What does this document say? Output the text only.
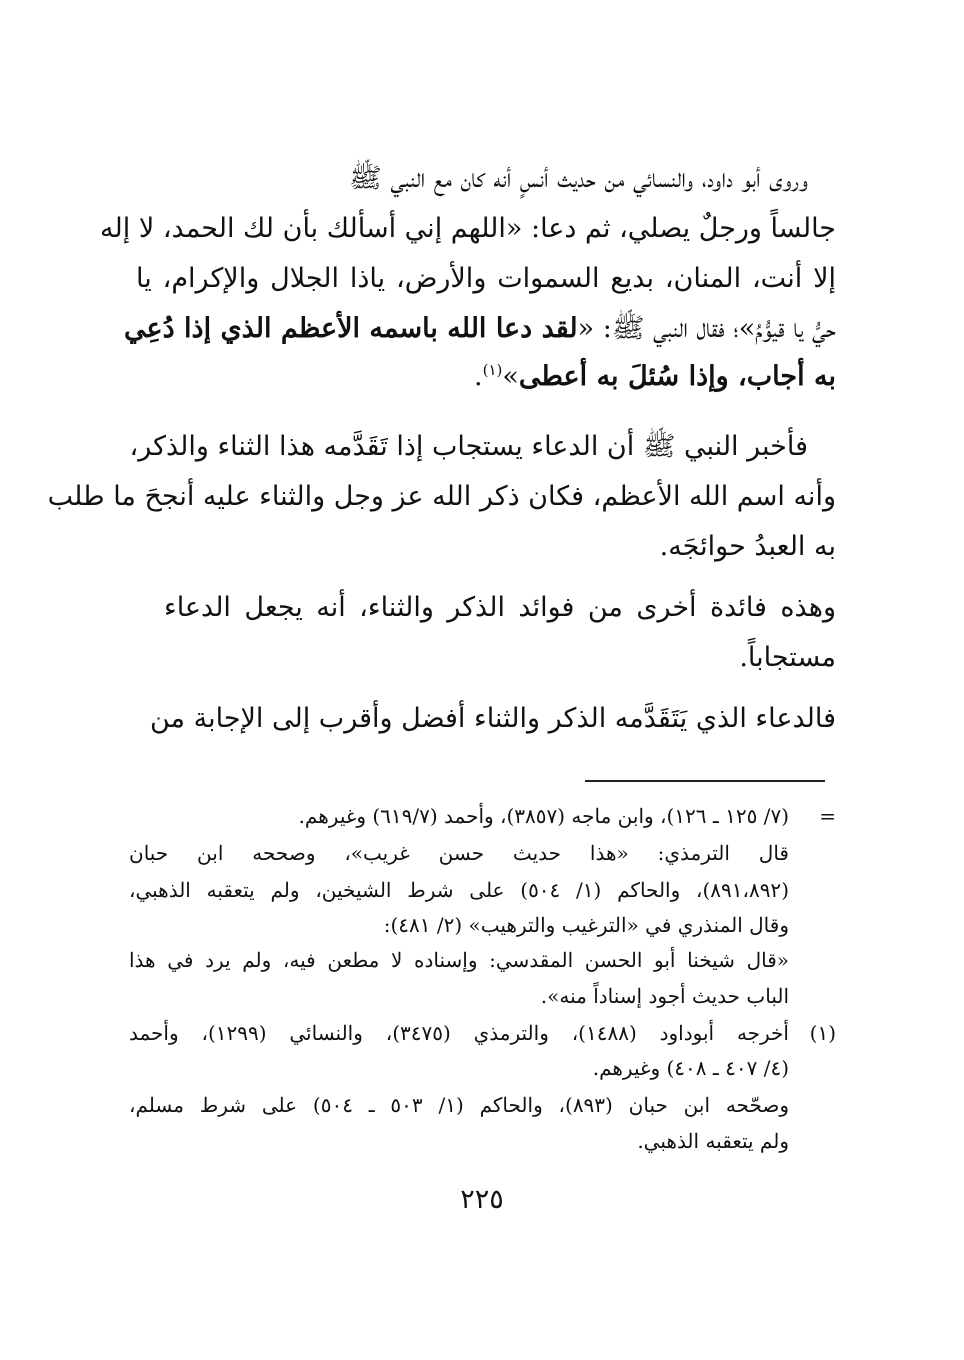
وروى أبو داود، والنسائي من حديث أنسٍ أنه كان مع النبي ﷺ
جالساً ورجلٌ يصلي، ثم دعا: «اللهم إني أسألك بأن لك الحمد، لا إله
إلا أنت، المنان، بديع السموات والأرض، ياذا الجلال والإكرام، يا
حيُّ يا قيوُّمُ»؛ فقال النبي ﷺ: «لقد دعا الله باسمه الأعظم الذي إذا دُعِي
به أجاب، وإذا سُئلَ به أعطى»$^{(١)}$.
فأخبر النبي ﷺ أن الدعاء يستجاب إذا تَقَدَّمه هذا الثناء والذكر،
وأنه اسم الله الأعظم، فكان ذكر الله عز وجل والثناء عليه أنجحَ ما طلب
به العبدُ حوائجَه.
وهذه فائدة أخرى من فوائد الذكر والثناء، أنه يجعل الدعاء
مستجاباً.
فالدعاء الذي يَتَقَدَّمه الذكر والثناء أفضل وأقرب إلى الإجابة من
=
(٧/ ١٢٥ ـ ١٢٦)، وابن ماجه (٣٨٥٧)، وأحمد (٦١٩/٧) وغيرهم.
قال الترمذي: «هذا حديث حسن غريب»، وصححه ابن حبان
(٨٩١،٨٩٢)، والحاكم (١/ ٥٠٤) على شرط الشيخين، ولم يتعقبه الذهبي،
وقال المنذري في «الترغيب والترهيب» (٢/ ٤٨١):
«قال شيخنا أبو الحسن المقدسي: وإسناده لا مطعن فيه، ولم يرد في هذا
الباب حديث أجود إسناداً منه».
(١)
أخرجه أبوداود (١٤٨٨)، والترمذي (٣٤٧٥)، والنسائي (١٢٩٩)، وأحمد
(٤/ ٤٠٧ ـ ٤٠٨) وغيرهم.
وصحّحه ابن حبان (٨٩٣)، والحاكم (١/ ٥٠٣ ـ ٥٠٤) على شرط مسلم،
ولم يتعقبه الذهبي.
٢٢٥
